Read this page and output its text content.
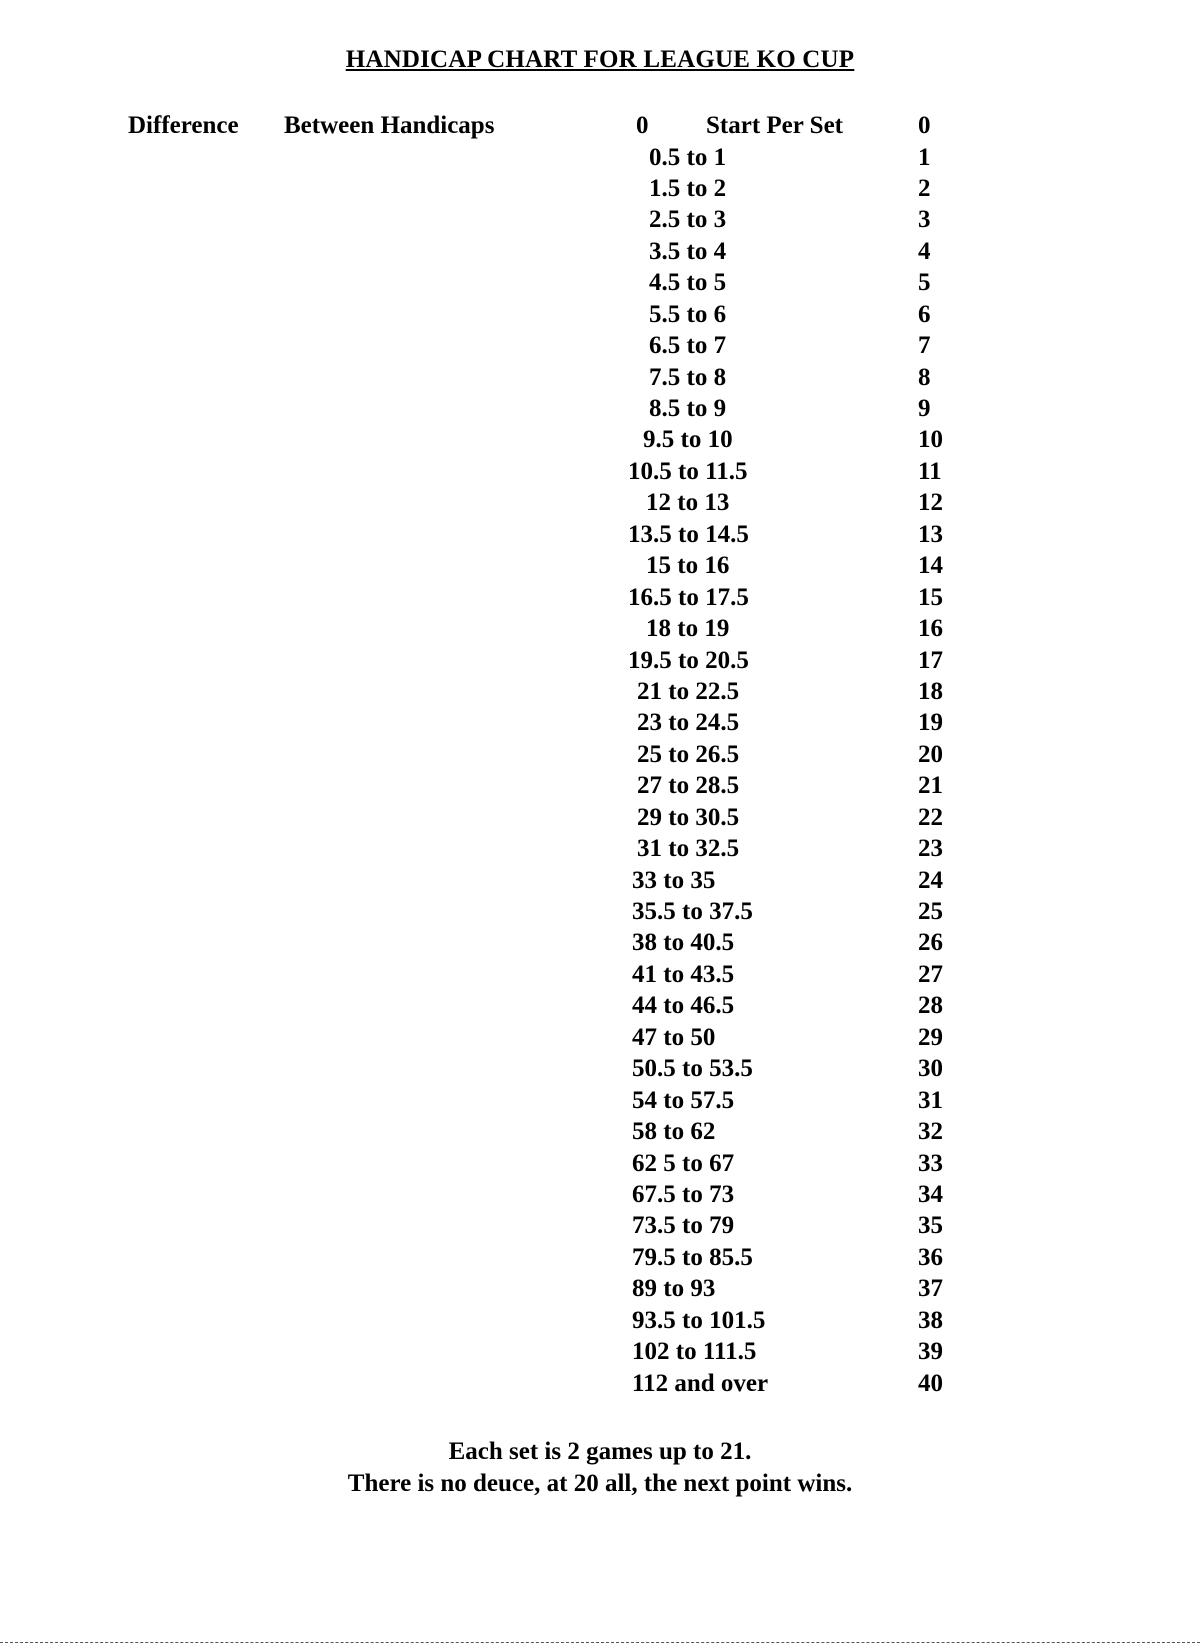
HANDICAP CHART FOR LEAGUE KO CUP
Difference Between Handicaps	0 Start Per Set	0
0.5 to 1	1
1.5 to 2	2
2.5 to 3	3
3.5 to 4	4
4.5 to 5	5
5.5 to 6	6
6.5 to 7	7
7.5 to 8	8
8.5 to 9	9
9.5 to 10	10
10.5 to 11.5	11
12 to 13	12
13.5 to 14.5	13
15 to 16	14
16.5 to 17.5	15
18 to 19	16
19.5 to 20.5	17
21 to 22.5	18
23 to 24.5	19
25 to 26.5	20
27 to 28.5	21
29 to 30.5	22
31 to 32.5	23
33 to 35	24
35.5 to 37.5	25
38 to 40.5	26
41 to 43.5	27
44 to 46.5	28
47 to 50	29
50.5 to 53.5	30
54 to 57.5	31
58 to 62	32
62 5 to 67	33
67.5 to 73	34
73.5 to 79	35
79.5 to 85.5	36
89 to 93	37
93.5 to 101.5	38
102 to 111.5	39
112 and over	40
Each set is 2 games up to 21.
There is no deuce, at 20 all, the next point wins.
